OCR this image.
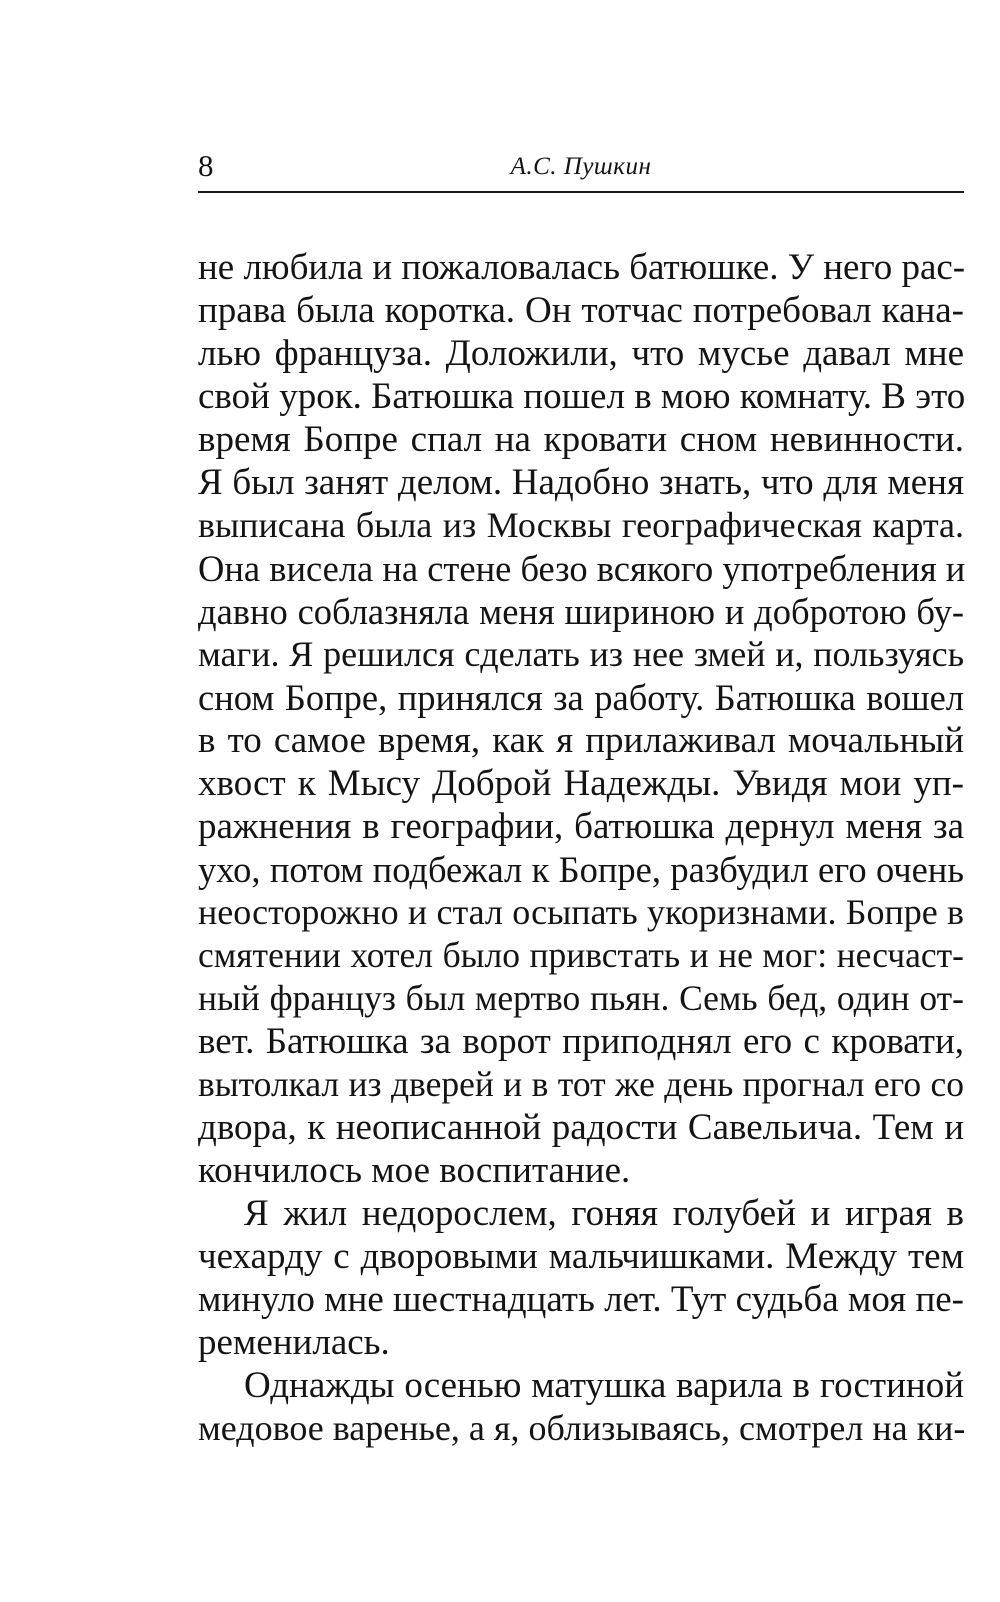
8	А.С. Пушкин
не любила и пожаловалась батюшке. У него рас-
права была коротка. Он тотчас потребовал кана-
лью француза. Доложили, что мусье давал мне
свой урок. Батюшка пошел в мою комнату. В это
время Бопре спал на кровати сном невинности.
Я был занят делом. Надобно знать, что для меня
выписана была из Москвы географическая карта.
Она висела на стене безо всякого употребления и
давно соблазняла меня шириною и добротою бу-
маги. Я решился сделать из нее змей и, пользуясь
сном Бопре, принялся за работу. Батюшка вошел
в то самое время, как я прилаживал мочальный
хвост к Мысу Доброй Надежды. Увидя мои уп-
ражнения в географии, батюшка дернул меня за
ухо, потом подбежал к Бопре, разбудил его очень
неосторожно и стал осыпать укоризнами. Бопре в
смятении хотел было привстать и не мог: несчаст-
ный француз был мертво пьян. Семь бед, один от-
вет. Батюшка за ворот приподнял его с кровати,
вытолкал из дверей и в тот же день прогнал его со
двора, к неописанной радости Савельича. Тем и
кончилось мое воспитание.
Я жил недорослем, гоняя голубей и играя в
чехарду с дворовыми мальчишками. Между тем
минуло мне шестнадцать лет. Тут судьба моя пе-
ременилась.
Однажды осенью матушка варила в гостиной
медовое варенье, а я, облизываясь, смотрел на ки-
